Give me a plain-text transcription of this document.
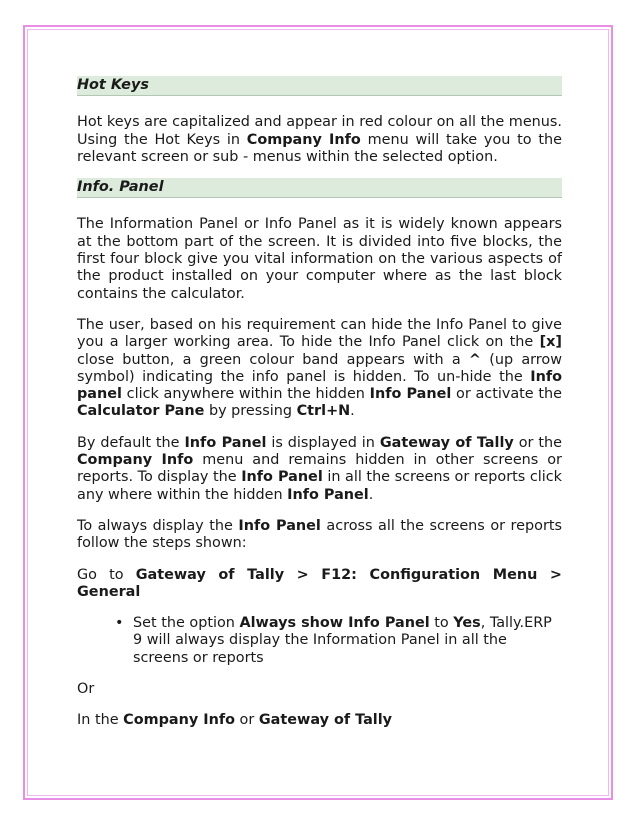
Hot Keys

Hot keys are capitalized and appear in red colour on all the menus. Using the Hot Keys in Company Info menu will take you to the relevant screen or sub - menus within the selected option.

Info. Panel

The Information Panel or Info Panel as it is widely known appears at the bottom part of the screen. It is divided into five blocks, the first four block give you vital information on the various aspects of the product installed on your computer where as the last block contains the calculator.

The user, based on his requirement can hide the Info Panel to give you a larger working area. To hide the Info Panel click on the [x] close button, a green colour band appears with a ^ (up arrow symbol) indicating the info panel is hidden. To un-hide the Info panel click anywhere within the hidden Info Panel or activate the Calculator Pane by pressing Ctrl+N.

By default the Info Panel is displayed in Gateway of Tally or the Company Info menu and remains hidden in other screens or reports. To display the Info Panel in all the screens or reports click any where within the hidden Info Panel.

To always display the Info Panel across all the screens or reports follow the steps shown:

Go to Gateway of Tally > F12: Configuration Menu > General

• Set the option Always show Info Panel to Yes, Tally.ERP 9 will always display the Information Panel in all the screens or reports

Or

In the Company Info or Gateway of Tally
